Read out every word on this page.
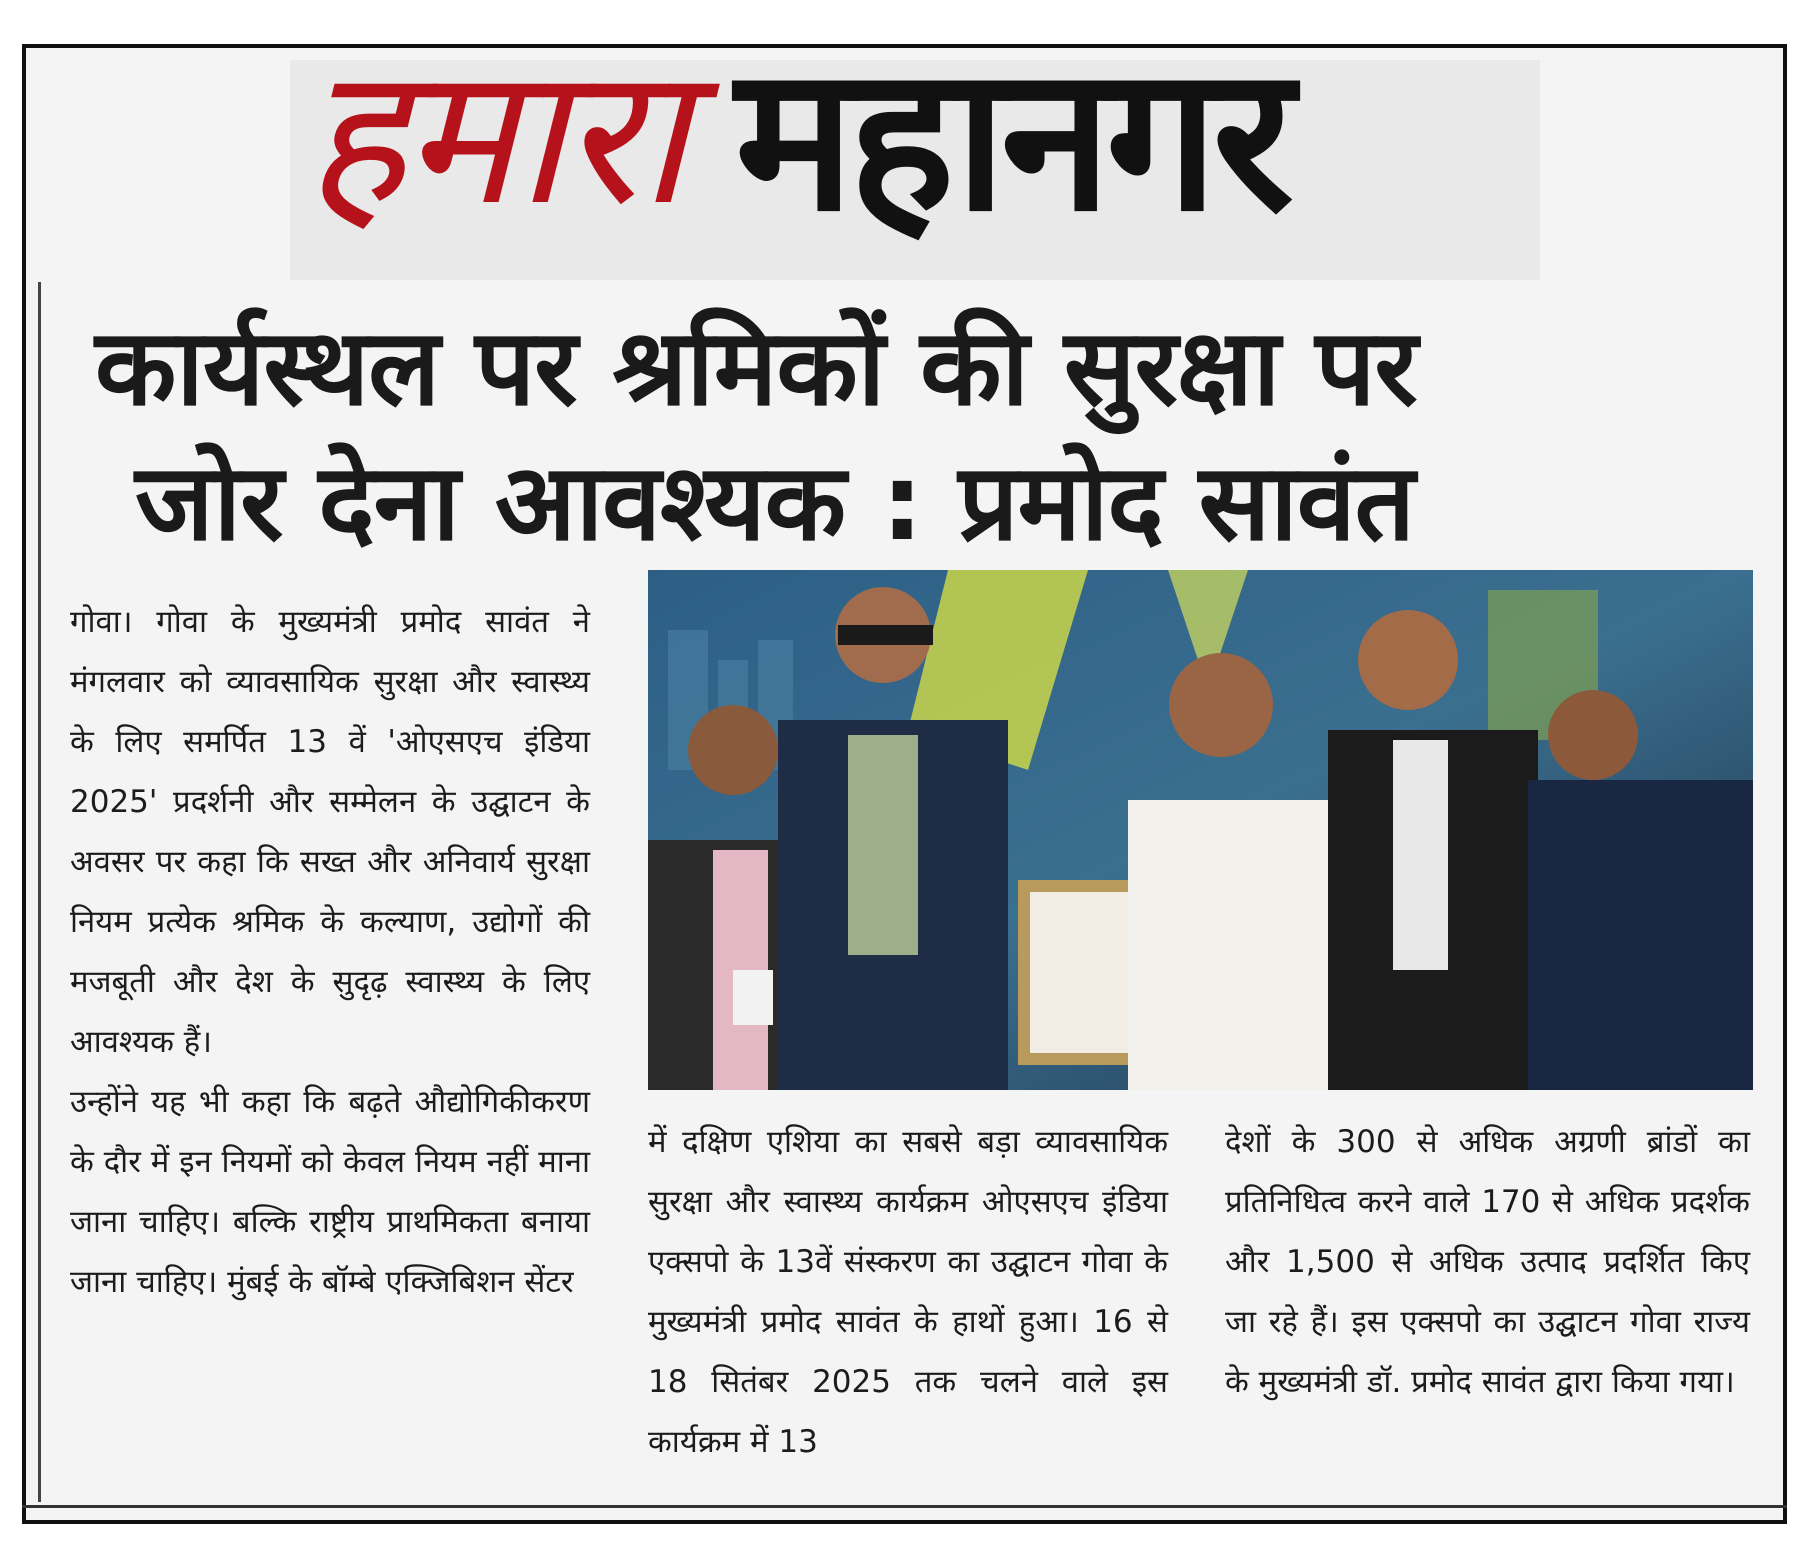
हमारा महानगर
कार्यस्थल पर श्रमिकों की सुरक्षा पर
जोर देना आवश्यक : प्रमोद सावंत

गोवा। गोवा के मुख्यमंत्री प्रमोद सावंत ने मंगलवार को व्यावसायिक सुरक्षा और स्वास्थ्य के लिए समर्पित 13 वें 'ओएसएच इंडिया 2025' प्रदर्शनी और सम्मेलन के उद्घाटन के अवसर पर कहा कि सख्त और अनिवार्य सुरक्षा नियम प्रत्येक श्रमिक के कल्याण, उद्योगों की मजबूती और देश के सुदृढ़ स्वास्थ्य के लिए आवश्यक हैं।

उन्होंने यह भी कहा कि बढ़ते औद्योगिकीकरण के दौर में इन नियमों को केवल नियम नहीं माना जाना चाहिए। बल्कि राष्ट्रीय प्राथमिकता बनाया जाना चाहिए। मुंबई के बॉम्बे एक्जिबिशन सेंटर

में दक्षिण एशिया का सबसे बड़ा व्यावसायिक सुरक्षा और स्वास्थ्य कार्यक्रम ओएसएच इंडिया एक्सपो के 13वें संस्करण का उद्घाटन गोवा के मुख्यमंत्री प्रमोद सावंत के हाथों हुआ। 16 से 18 सितंबर 2025 तक चलने वाले इस कार्यक्रम में 13
देशों के 300 से अधिक अग्रणी ब्रांडों का प्रतिनिधित्व करने वाले 170 से अधिक प्रदर्शक और 1,500 से अधिक उत्पाद प्रदर्शित किए जा रहे हैं। इस एक्सपो का उद्घाटन गोवा राज्य के मुख्यमंत्री डॉ. प्रमोद सावंत द्वारा किया गया।
